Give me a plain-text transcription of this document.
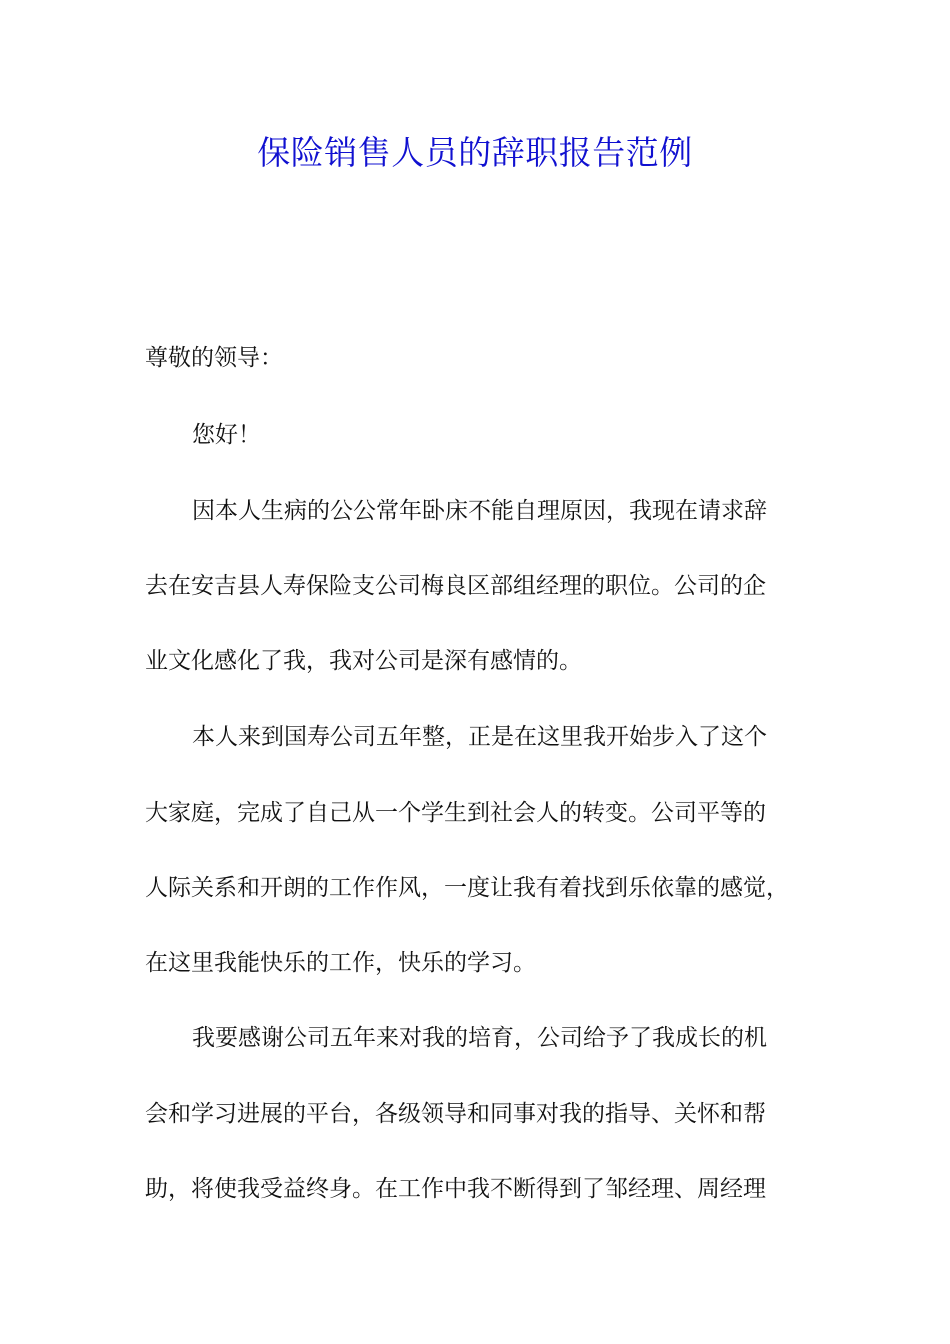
保险销售人员的辞职报告范例
尊敬的领导：
您好！
因本人生病的公公常年卧床不能自理原因，我现在请求辞
去在安吉县人寿保险支公司梅良区部组经理的职位。公司的企
业文化感化了我，我对公司是深有感情的。
本人来到国寿公司五年整，正是在这里我开始步入了这个
大家庭，完成了自己从一个学生到社会人的转变。公司平等的
人际关系和开朗的工作作风，一度让我有着找到乐依靠的感觉，
在这里我能快乐的工作，快乐的学习。
我要感谢公司五年来对我的培育，公司给予了我成长的机
会和学习进展的平台，各级领导和同事对我的指导、关怀和帮
助，将使我受益终身。在工作中我不断得到了邹经理、周经理
